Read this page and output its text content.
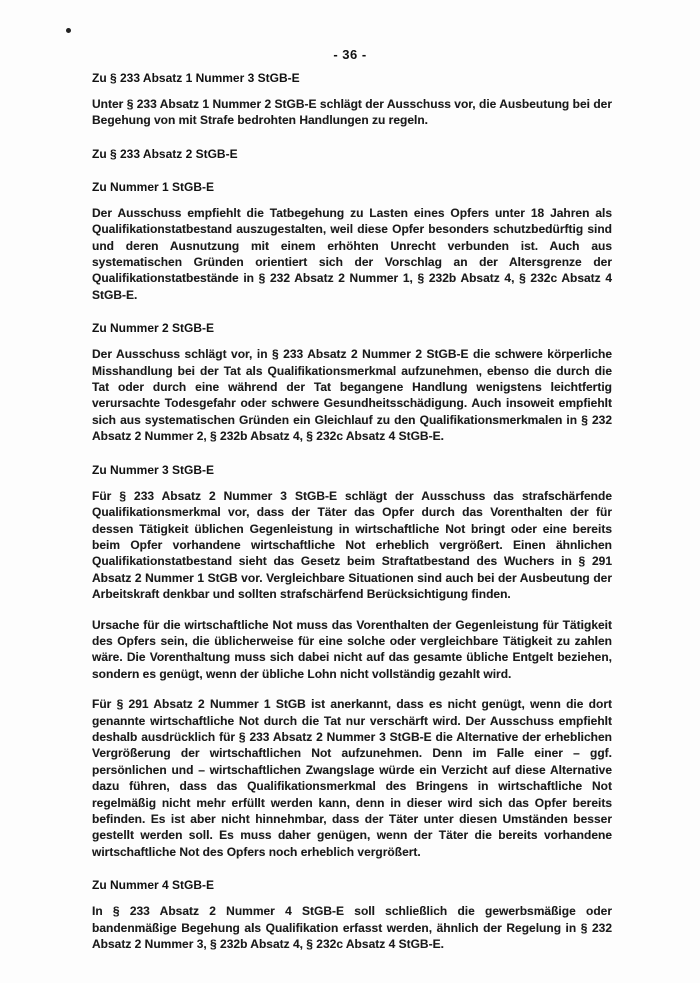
- 36 -
Zu § 233 Absatz 1 Nummer 3 StGB-E

Unter § 233 Absatz 1 Nummer 2 StGB-E schlägt der Ausschuss vor, die Ausbeutung bei der Begehung von mit Strafe bedrohten Handlungen zu regeln.

Zu § 233 Absatz 2 StGB-E
Zu Nummer 1 StGB-E

Der Ausschuss empfiehlt die Tatbegehung zu Lasten eines Opfers unter 18 Jahren als Qualifikationstatbestand auszugestalten, weil diese Opfer besonders schutzbedürftig sind und deren Ausnutzung mit einem erhöhten Unrecht verbunden ist. Auch aus systematischen Gründen orientiert sich der Vorschlag an der Altersgrenze der Qualifikationstatbestände in § 232 Absatz 2 Nummer 1, § 232b Absatz 4, § 232c Absatz 4 StGB-E.

Zu Nummer 2 StGB-E

Der Ausschuss schlägt vor, in § 233 Absatz 2 Nummer 2 StGB-E die schwere körperliche Misshandlung bei der Tat als Qualifikationsmerkmal aufzunehmen, ebenso die durch die Tat oder durch eine während der Tat begangene Handlung wenigstens leichtfertig verursachte Todesgefahr oder schwere Gesundheitsschädigung. Auch insoweit empfiehlt sich aus systematischen Gründen ein Gleichlauf zu den Qualifikationsmerkmalen in § 232 Absatz 2 Nummer 2, § 232b Absatz 4, § 232c Absatz 4 StGB-E.

Zu Nummer 3 StGB-E

Für § 233 Absatz 2 Nummer 3 StGB-E schlägt der Ausschuss das strafschärfende Qualifikationsmerkmal vor, dass der Täter das Opfer durch das Vorenthalten der für dessen Tätigkeit üblichen Gegenleistung in wirtschaftliche Not bringt oder eine bereits beim Opfer vorhandene wirtschaftliche Not erheblich vergrößert. Einen ähnlichen Qualifikationstatbestand sieht das Gesetz beim Straftatbestand des Wuchers in § 291 Absatz 2 Nummer 1 StGB vor. Vergleichbare Situationen sind auch bei der Ausbeutung der Arbeitskraft denkbar und sollten strafschärfend Berücksichtigung finden.

Ursache für die wirtschaftliche Not muss das Vorenthalten der Gegenleistung für Tätigkeit des Opfers sein, die üblicherweise für eine solche oder vergleichbare Tätigkeit zu zahlen wäre. Die Vorenthaltung muss sich dabei nicht auf das gesamte übliche Entgelt beziehen, sondern es genügt, wenn der übliche Lohn nicht vollständig gezahlt wird.

Für § 291 Absatz 2 Nummer 1 StGB ist anerkannt, dass es nicht genügt, wenn die dort genannte wirtschaftliche Not durch die Tat nur verschärft wird. Der Ausschuss empfiehlt deshalb ausdrücklich für § 233 Absatz 2 Nummer 3 StGB-E die Alternative der erheblichen Vergrößerung der wirtschaftlichen Not aufzunehmen. Denn im Falle einer – ggf. persönlichen und – wirtschaftlichen Zwangslage würde ein Verzicht auf diese Alternative dazu führen, dass das Qualifikationsmerkmal des Bringens in wirtschaftliche Not regelmäßig nicht mehr erfüllt werden kann, denn in dieser wird sich das Opfer bereits befinden. Es ist aber nicht hinnehmbar, dass der Täter unter diesen Umständen besser gestellt werden soll. Es muss daher genügen, wenn der Täter die bereits vorhandene wirtschaftliche Not des Opfers noch erheblich vergrößert.

Zu Nummer 4 StGB-E

In § 233 Absatz 2 Nummer 4 StGB-E soll schließlich die gewerbsmäßige oder bandenmäßige Begehung als Qualifikation erfasst werden, ähnlich der Regelung in § 232 Absatz 2 Nummer 3, § 232b Absatz 4, § 232c Absatz 4 StGB-E.
